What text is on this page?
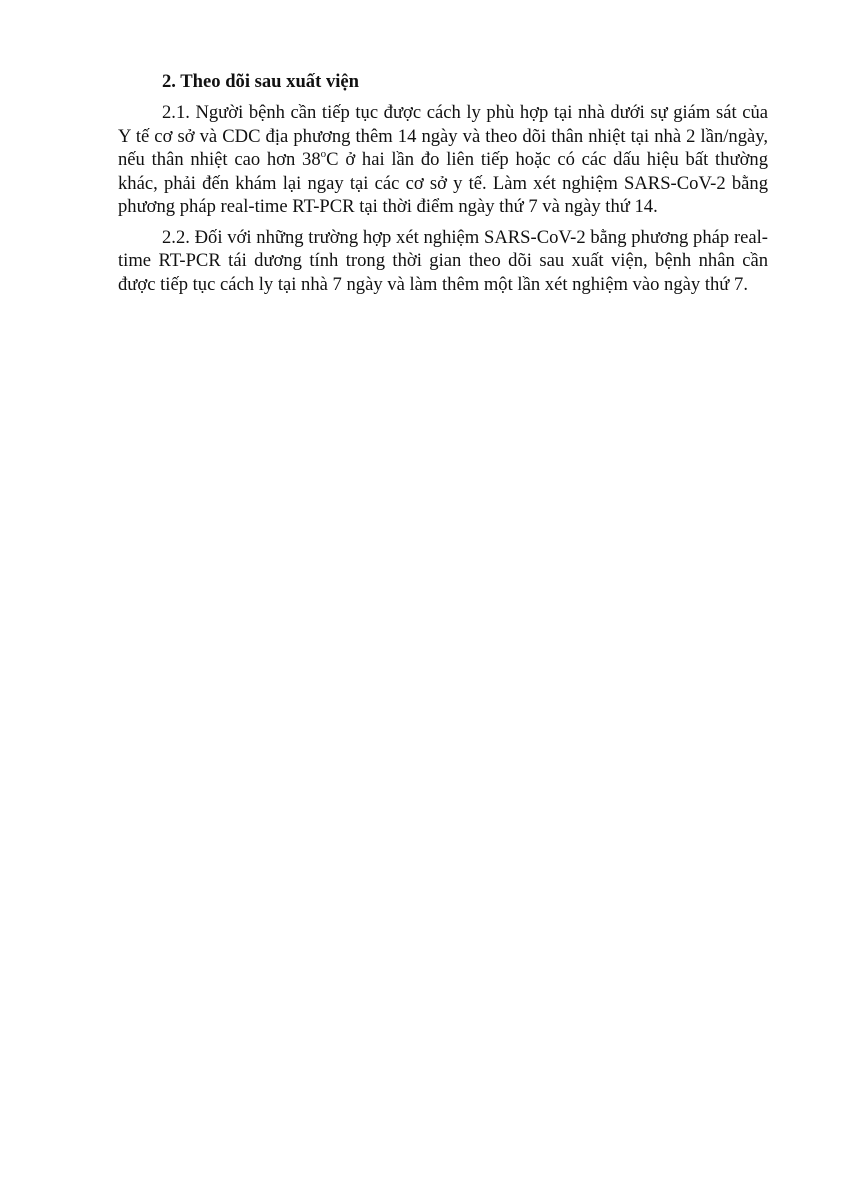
2. Theo dõi sau xuất viện

2.1. Người bệnh cần tiếp tục được cách ly phù hợp tại nhà dưới sự giám sát của Y tế cơ sở và CDC địa phương thêm 14 ngày và theo dõi thân nhiệt tại nhà 2 lần/ngày, nếu thân nhiệt cao hơn 38$^o$C ở hai lần đo liên tiếp hoặc có các dấu hiệu bất thường khác, phải đến khám lại ngay tại các cơ sở y tế. Làm xét nghiệm SARS-CoV-2 bằng phương pháp real-time RT-PCR tại thời điểm ngày thứ 7 và ngày thứ 14.

2.2. Đối với những trường hợp xét nghiệm SARS-CoV-2 bằng phương pháp real-time RT-PCR tái dương tính trong thời gian theo dõi sau xuất viện, bệnh nhân cần được tiếp tục cách ly tại nhà 7 ngày và làm thêm một lần xét nghiệm vào ngày thứ 7.
